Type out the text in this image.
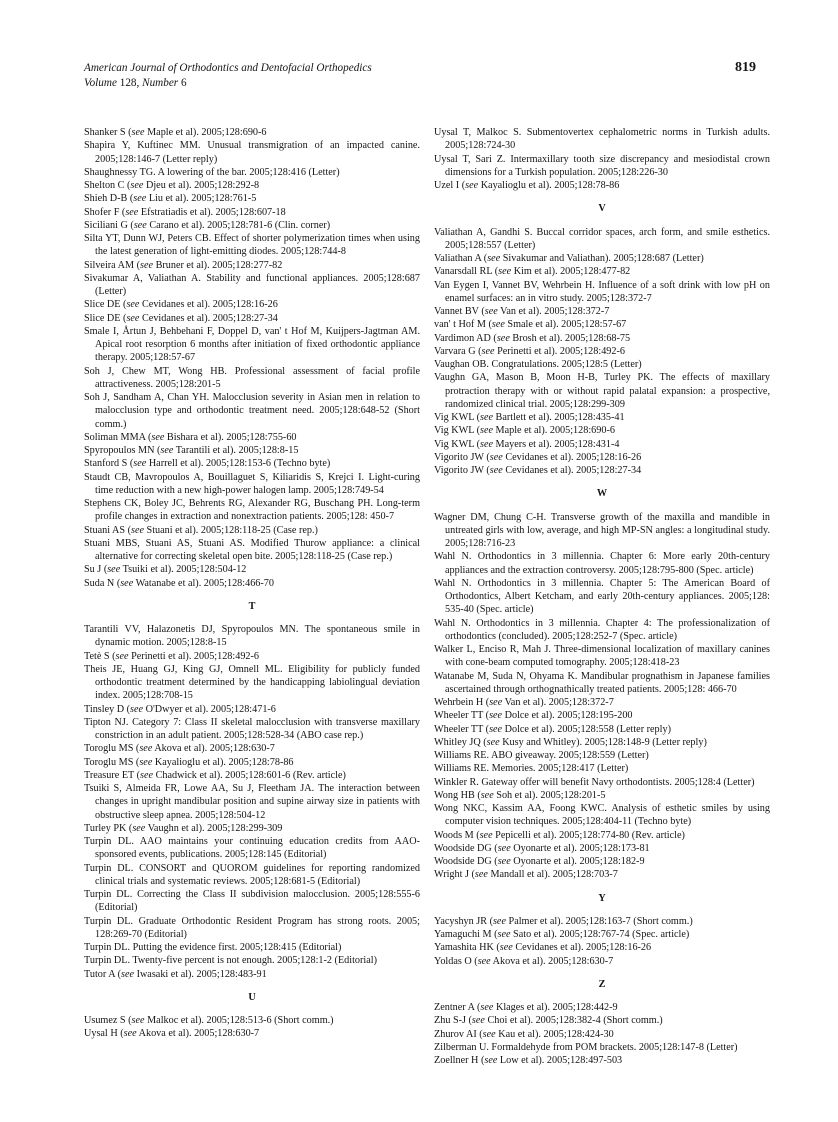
American Journal of Orthodontics and Dentofacial Orthopedics
Volume 128, Number 6
819

Shanker S (see Maple et al). 2005;128:690-6

Shapira Y, Kuftinec MM. Unusual transmigration of an impacted canine. 2005;128:146-7 (Letter reply)

Shaughnessy TG. A lowering of the bar. 2005;128:416 (Letter)

Shelton C (see Djeu et al). 2005;128:292-8

Shieh D-B (see Liu et al). 2005;128:761-5

Shofer F (see Efstratiadis et al). 2005;128:607-18

Siciliani G (see Carano et al). 2005;128:781-6 (Clin. corner)

Silta YT, Dunn WJ, Peters CB. Effect of shorter polymerization times when using the latest generation of light-emitting diodes. 2005;128:744-8

Silveira AM (see Bruner et al). 2005;128:277-82

Sivakumar A, Valiathan A. Stability and functional appliances. 2005;128:687 (Letter)

Slice DE (see Cevidanes et al). 2005;128:16-26

Slice DE (see Cevidanes et al). 2005;128:27-34

Smale I, Årtun J, Behbehani F, Doppel D, van' t Hof M, Kuijpers-Jagtman AM. Apical root resorption 6 months after initiation of fixed orthodontic appliance therapy. 2005;128:57-67

Soh J, Chew MT, Wong HB. Professional assessment of facial profile attractiveness. 2005;128:201-5

Soh J, Sandham A, Chan YH. Malocclusion severity in Asian men in relation to malocclusion type and orthodontic treatment need. 2005;128:648-52 (Short comm.)

Soliman MMA (see Bishara et al). 2005;128:755-60

Spyropoulos MN (see Tarantili et al). 2005;128:8-15

Stanford S (see Harrell et al). 2005;128:153-6 (Techno byte)

Staudt CB, Mavropoulos A, Bouillaguet S, Kiliaridis S, Krejci I. Light-curing time reduction with a new high-power halogen lamp. 2005;128:749-54

Stephens CK, Boley JC, Behrents RG, Alexander RG, Buschang PH. Long-term profile changes in extraction and nonextraction patients. 2005;128: 450-7

Stuani AS (see Stuani et al). 2005;128:118-25 (Case rep.)

Stuani MBS, Stuani AS, Stuani AS. Modified Thurow appliance: a clinical alternative for correcting skeletal open bite. 2005;128:118-25 (Case rep.)

Su J (see Tsuiki et al). 2005;128:504-12

Suda N (see Watanabe et al). 2005;128:466-70

T

Tarantili VV, Halazonetis DJ, Spyropoulos MN. The spontaneous smile in dynamic motion. 2005;128:8-15

Tetè S (see Perinetti et al). 2005;128:492-6

Theis JE, Huang GJ, King GJ, Omnell ML. Eligibility for publicly funded orthodontic treatment determined by the handicapping labiolingual deviation index. 2005;128:708-15

Tinsley D (see O'Dwyer et al). 2005;128:471-6

Tipton NJ. Category 7: Class II skeletal malocclusion with transverse maxillary constriction in an adult patient. 2005;128:528-34 (ABO case rep.)

Toroglu MS (see Akova et al). 2005;128:630-7

Toroglu MS (see Kayalioglu et al). 2005;128:78-86

Treasure ET (see Chadwick et al). 2005;128:601-6 (Rev. article)

Tsuiki S, Almeida FR, Lowe AA, Su J, Fleetham JA. The interaction between changes in upright mandibular position and supine airway size in patients with obstructive sleep apnea. 2005;128:504-12

Turley PK (see Vaughn et al). 2005;128:299-309

Turpin DL. AAO maintains your continuing education credits from AAO-sponsored events, publications. 2005;128:145 (Editorial)

Turpin DL. CONSORT and QUOROM guidelines for reporting randomized clinical trials and systematic reviews. 2005;128:681-5 (Editorial)

Turpin DL. Correcting the Class II subdivision malocclusion. 2005;128:555-6 (Editorial)

Turpin DL. Graduate Orthodontic Resident Program has strong roots. 2005; 128:269-70 (Editorial)

Turpin DL. Putting the evidence first. 2005;128:415 (Editorial)

Turpin DL. Twenty-five percent is not enough. 2005;128:1-2 (Editorial)

Tutor A (see Iwasaki et al). 2005;128:483-91

U

Usumez S (see Malkoc et al). 2005;128:513-6 (Short comm.)

Uysal H (see Akova et al). 2005;128:630-7

Uysal T, Malkoc S. Submentovertex cephalometric norms in Turkish adults. 2005;128:724-30

Uysal T, Sari Z. Intermaxillary tooth size discrepancy and mesiodistal crown dimensions for a Turkish population. 2005;128:226-30

Uzel I (see Kayalioglu et al). 2005;128:78-86

V

Valiathan A, Gandhi S. Buccal corridor spaces, arch form, and smile esthetics. 2005;128:557 (Letter)

Valiathan A (see Sivakumar and Valiathan). 2005;128:687 (Letter)

Vanarsdall RL (see Kim et al). 2005;128:477-82

Van Eygen I, Vannet BV, Wehrbein H. Influence of a soft drink with low pH on enamel surfaces: an in vitro study. 2005;128:372-7

Vannet BV (see Van et al). 2005;128:372-7

van' t Hof M (see Smale et al). 2005;128:57-67

Vardimon AD (see Brosh et al). 2005;128:68-75

Varvara G (see Perinetti et al). 2005;128:492-6

Vaughan OB. Congratulations. 2005;128:5 (Letter)

Vaughn GA, Mason B, Moon H-B, Turley PK. The effects of maxillary protraction therapy with or without rapid palatal expansion: a prospective, randomized clinical trial. 2005;128:299-309

Vig KWL (see Bartlett et al). 2005;128:435-41

Vig KWL (see Maple et al). 2005;128:690-6

Vig KWL (see Mayers et al). 2005;128:431-4

Vigorito JW (see Cevidanes et al). 2005;128:16-26

Vigorito JW (see Cevidanes et al). 2005;128:27-34

W

Wagner DM, Chung C-H. Transverse growth of the maxilla and mandible in untreated girls with low, average, and high MP-SN angles: a longitudinal study. 2005;128:716-23

Wahl N. Orthodontics in 3 millennia. Chapter 6: More early 20th-century appliances and the extraction controversy. 2005;128:795-800 (Spec. article)

Wahl N. Orthodontics in 3 millennia. Chapter 5: The American Board of Orthodontics, Albert Ketcham, and early 20th-century appliances. 2005;128: 535-40 (Spec. article)

Wahl N. Orthodontics in 3 millennia. Chapter 4: The professionalization of orthodontics (concluded). 2005;128:252-7 (Spec. article)

Walker L, Enciso R, Mah J. Three-dimensional localization of maxillary canines with cone-beam computed tomography. 2005;128:418-23

Watanabe M, Suda N, Ohyama K. Mandibular prognathism in Japanese families ascertained through orthognathically treated patients. 2005;128: 466-70

Wehrbein H (see Van et al). 2005;128:372-7

Wheeler TT (see Dolce et al). 2005;128:195-200

Wheeler TT (see Dolce et al). 2005;128:558 (Letter reply)

Whitley JQ (see Kusy and Whitley). 2005;128:148-9 (Letter reply)

Williams RE. ABO giveaway. 2005;128:559 (Letter)

Williams RE. Memories. 2005;128:417 (Letter)

Winkler R. Gateway offer will benefit Navy orthodontists. 2005;128:4 (Letter)

Wong HB (see Soh et al). 2005;128:201-5

Wong NKC, Kassim AA, Foong KWC. Analysis of esthetic smiles by using computer vision techniques. 2005;128:404-11 (Techno byte)

Woods M (see Pepicelli et al). 2005;128:774-80 (Rev. article)

Woodside DG (see Oyonarte et al). 2005;128:173-81

Woodside DG (see Oyonarte et al). 2005;128:182-9

Wright J (see Mandall et al). 2005;128:703-7

Y

Yacyshyn JR (see Palmer et al). 2005;128:163-7 (Short comm.)

Yamaguchi M (see Sato et al). 2005;128:767-74 (Spec. article)

Yamashita HK (see Cevidanes et al). 2005;128:16-26

Yoldas O (see Akova et al). 2005;128:630-7

Z

Zentner A (see Klages et al). 2005;128:442-9

Zhu S-J (see Choi et al). 2005;128:382-4 (Short comm.)

Zhurov AI (see Kau et al). 2005;128:424-30

Zilberman U. Formaldehyde from POM brackets. 2005;128:147-8 (Letter)

Zoellner H (see Low et al). 2005;128:497-503
